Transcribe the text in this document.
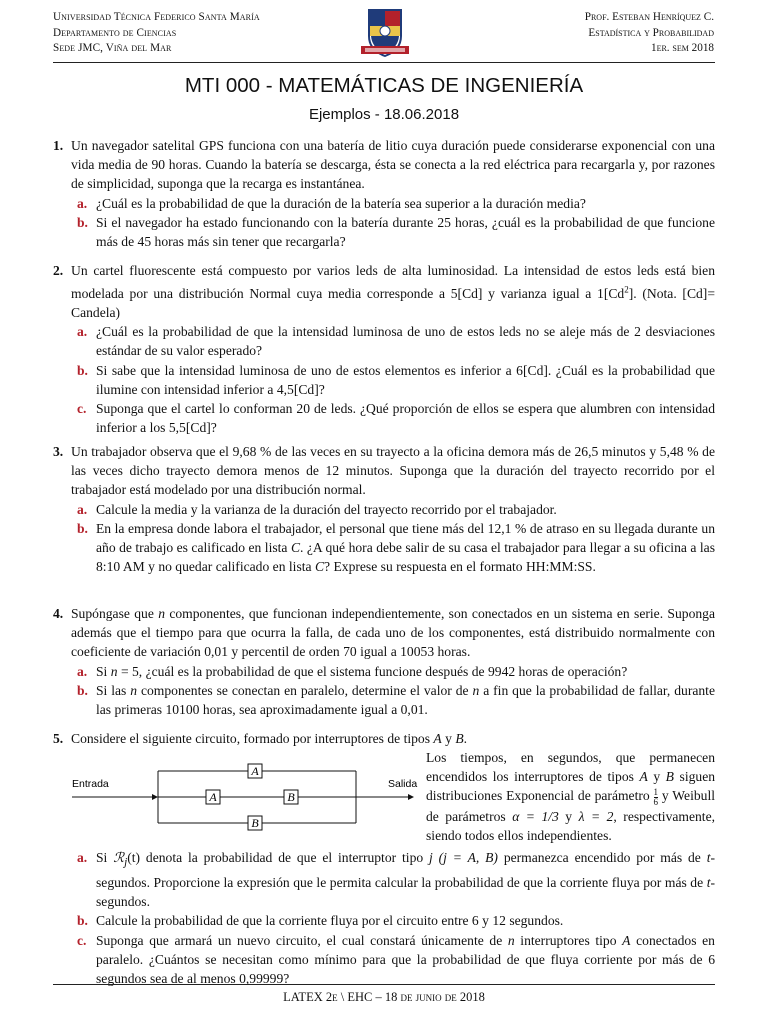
Universidad Técnica Federico Santa María
Departamento de Ciencias
Sede JMC, Viña del Mar
Prof. Esteban Henríquez C.
Estadística y Probabilidad
1er. sem 2018
MTI 000 - MATEMÁTICAS DE INGENIERÍA
Ejemplos - 18.06.2018
1. Un navegador satelital GPS funciona con una batería de litio cuya duración puede considerarse exponencial con una vida media de 90 horas. Cuando la batería se descarga, ésta se conecta a la red eléctrica para recargarla y, por razones de simplicidad, suponga que la recarga es instantánea.
a. ¿Cuál es la probabilidad de que la duración de la batería sea superior a la duración media?
b. Si el navegador ha estado funcionando con la batería durante 25 horas, ¿cuál es la probabilidad de que funcione más de 45 horas más sin tener que recargarla?
2. Un cartel fluorescente está compuesto por varios leds de alta luminosidad. La intensidad de estos leds está bien modelada por una distribución Normal cuya media corresponde a 5[Cd] y varianza igual a 1[Cd$^2$]. (Nota. [Cd]= Candela)
a. ¿Cuál es la probabilidad de que la intensidad luminosa de uno de estos leds no se aleje más de 2 desviaciones estándar de su valor esperado?
b. Si sabe que la intensidad luminosa de uno de estos elementos es inferior a 6[Cd]. ¿Cuál es la probabilidad que ilumine con intensidad inferior a 4,5[Cd]?
c. Suponga que el cartel lo conforman 20 de leds. ¿Qué proporción de ellos se espera que alumbren con intensidad inferior a los 5,5[Cd]?
3. Un trabajador observa que el 9,68 % de las veces en su trayecto a la oficina demora más de 26,5 minutos y 5,48 % de las veces dicho trayecto demora menos de 12 minutos. Suponga que la duración del trayecto recorrido por el trabajador está modelado por una distribución normal.
a. Calcule la media y la varianza de la duración del trayecto recorrido por el trabajador.
b. En la empresa donde labora el trabajador, el personal que tiene más del 12,1 % de atraso en su llegada durante un año de trabajo es calificado en lista C. ¿A qué hora debe salir de su casa el trabajador para llegar a su oficina a las 8:10 AM y no quedar calificado en lista C? Exprese su respuesta en el formato HH:MM:SS.
4. Supóngase que n componentes, que funcionan independientemente, son conectados en un sistema en serie. Suponga además que el tiempo para que ocurra la falla, de cada uno de los componentes, está distribuido normalmente con coeficiente de variación 0,01 y percentil de orden 70 igual a 10053 horas.
a. Si n = 5, ¿cuál es la probabilidad de que el sistema funcione después de 9942 horas de operación?
b. Si las n componentes se conectan en paralelo, determine el valor de n a fin que la probabilidad de fallar, durante las primeras 10100 horas, sea aproximadamente igual a 0,01.
5. Considere el siguiente circuito, formado por interruptores de tipos A y B.
Entrada	Salida
A
A	B
B
Los tiempos, en segundos, que permanecen encendidos los interruptores de tipos A y B siguen distribuciones Exponencial de parámetro $\frac{1}{6}$ y Weibull de parámetros α = 1/3 y λ = 2, respectivamente, siendo todos ellos independientes.
a. Si ℛ$_j$(t) denota la probabilidad de que el interruptor tipo j (j = A, B) permanezca encendido por más de t-segundos. Proporcione la expresión que le permita calcular la probabilidad de que la corriente fluya por más de t-segundos.
b. Calcule la probabilidad de que la corriente fluya por el circuito entre 6 y 12 segundos.
c. Suponga que armará un nuevo circuito, el cual constará únicamente de n interruptores tipo A conectados en paralelo. ¿Cuántos se necesitan como mínimo para que la probabilidad de que fluya corriente por más de 6 segundos sea de al menos 0,99999?
LATEX 2ε \ EHC – 18 de junio de 2018
